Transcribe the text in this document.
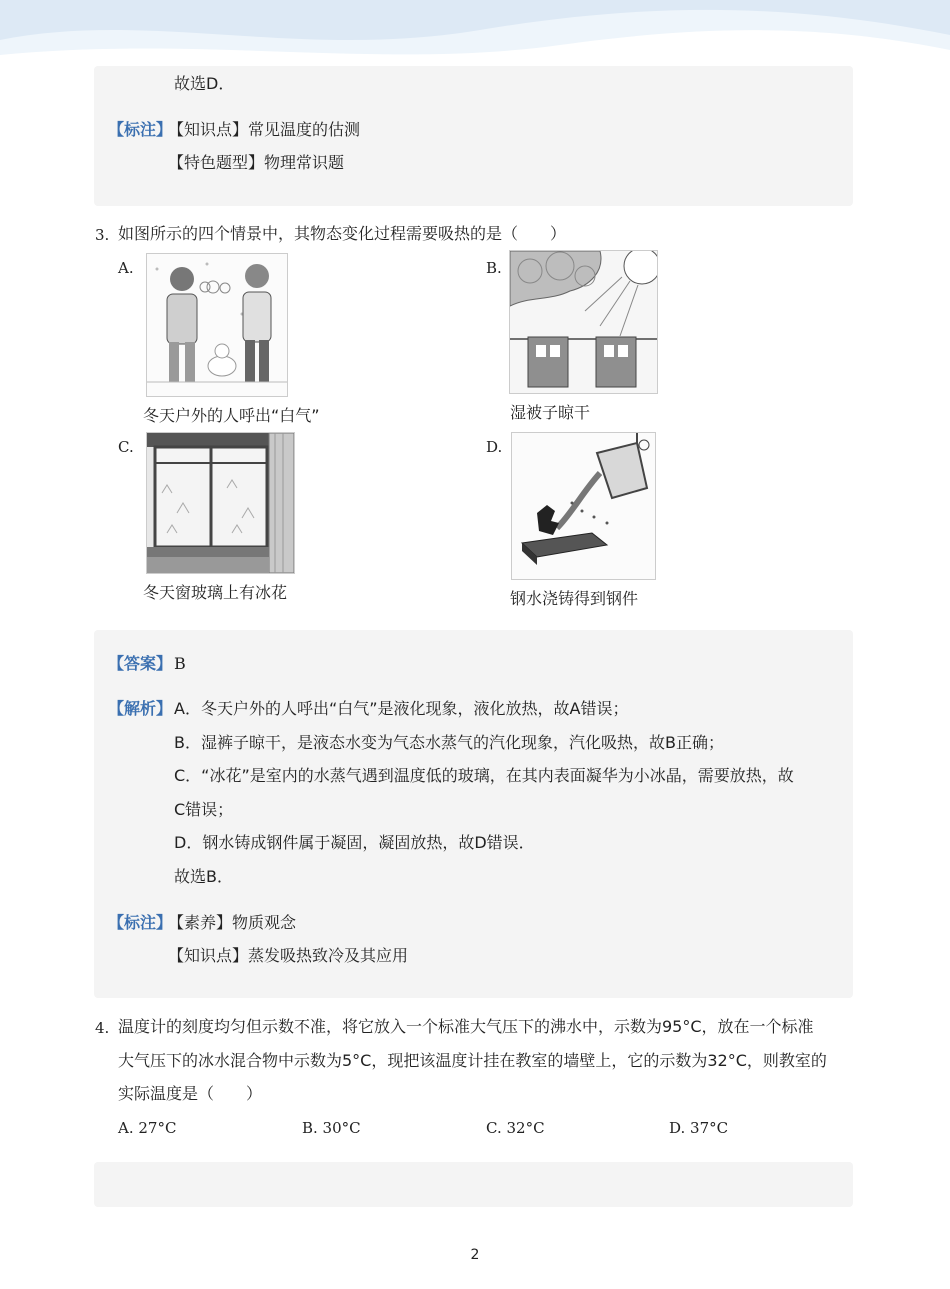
故选D．
【标注】
【知识点】常见温度的估测
【特色题型】物理常识题
3. 如图所示的四个情景中，其物态变化过程需要吸热的是（　　）
A.
冬天户外的人呼出“白气”
B.
湿被子晾干
C.
冬天窗玻璃上有冰花
D.
钢水浇铸得到钢件
【答案】 B
【解析】 A．冬天户外的人呼出“白气”是液化现象，液化放热，故A错误；
B．湿裤子晾干，是液态水变为气态水蒸气的汽化现象，汽化吸热，故B正确；
C．“冰花”是室内的水蒸气遇到温度低的玻璃，在其内表面凝华为小冰晶，需要放热，故
C错误；
D．钢水铸成钢件属于凝固，凝固放热，故D错误．
故选B．
【标注】
【素养】物质观念
【知识点】蒸发吸热致冷及其应用
4. 温度计的刻度均匀但示数不准，将它放入一个标准大气压下的沸水中，示数为95°C，放在一个标准
大气压下的冰水混合物中示数为5°C，现把该温度计挂在教室的墙壁上，它的示数为32°C，则教室的
实际温度是（　　）
A. 27°C	B. 30°C	C. 32°C	D. 37°C
2
